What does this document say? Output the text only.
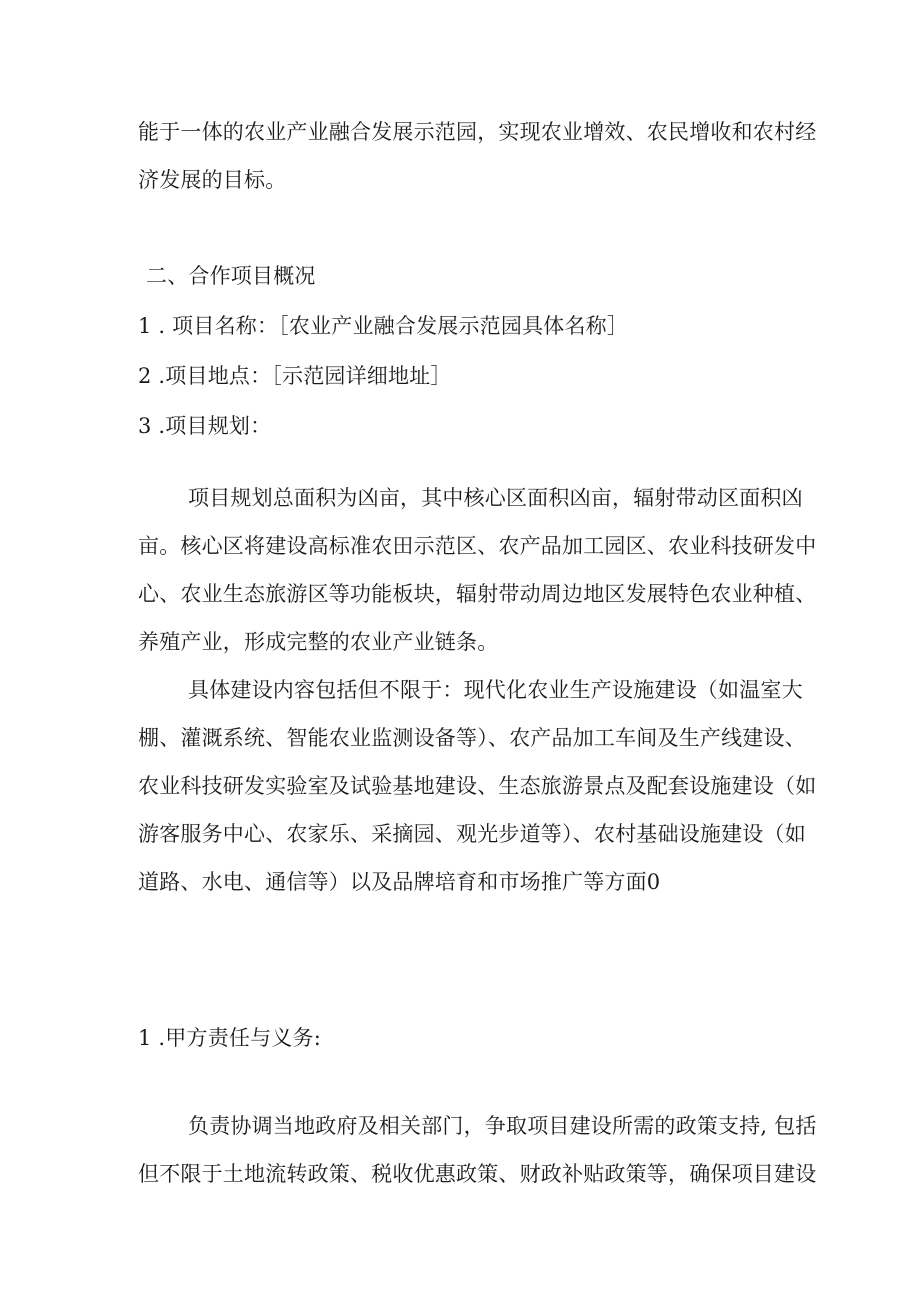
能于一体的农业产业融合发展示范园，实现农业增效、农民增收和农村经
济发展的目标。
二、合作项目概况
1 . 项目名称：［农业产业融合发展示范园具体名称］
2 .项目地点：［示范园详细地址］
3 .项目规划：
项目规划总面积为凶亩，其中核心区面积凶亩，辐射带动区面积凶
亩。核心区将建设高标准农田示范区、农产品加工园区、农业科技研发中
心、农业生态旅游区等功能板块，辐射带动周边地区发展特色农业种植、
养殖产业，形成完整的农业产业链条。
具体建设内容包括但不限于：现代化农业生产设施建设（如温室大
棚、灌溉系统、智能农业监测设备等）、农产品加工车间及生产线建设、
农业科技研发实验室及试验基地建设、生态旅游景点及配套设施建设（如
游客服务中心、农家乐、采摘园、观光步道等）、农村基础设施建设（如
道路、水电、通信等）以及品牌培育和市场推广等方面0
1 .甲方责任与义务:
负责协调当地政府及相关部门，争取项目建设所需的政策支持, 包括
但不限于土地流转政策、税收优惠政策、财政补贴政策等，确保项目建设
